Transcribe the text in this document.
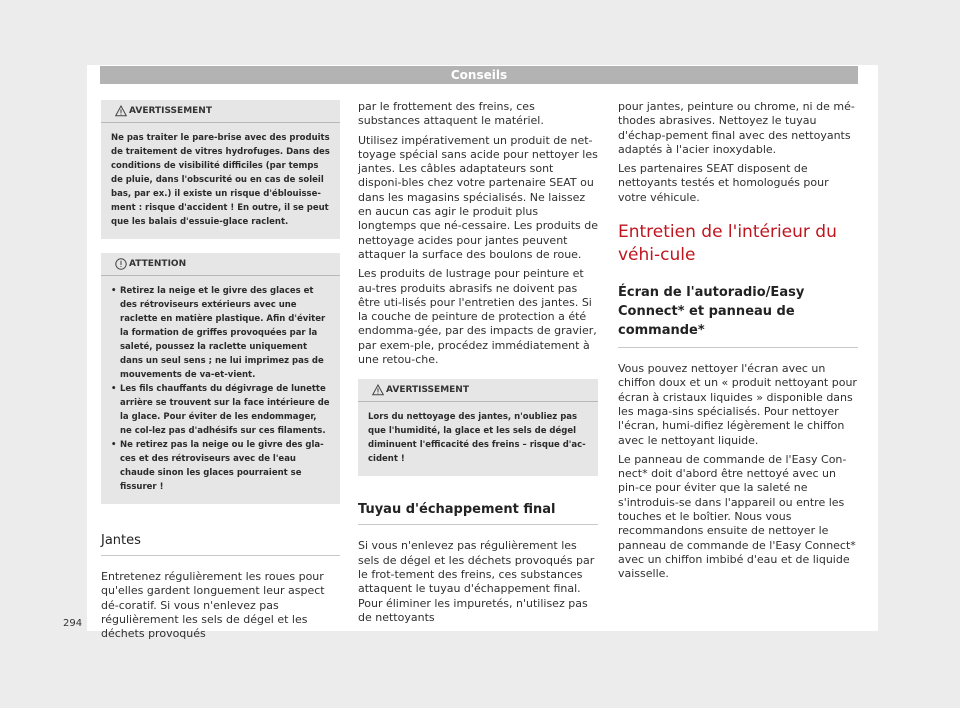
Conseils
AVERTISSEMENT
Ne pas traiter le pare-brise avec des produits de traitement de vitres hydrofuges. Dans des conditions de visibilité difficiles (par temps de pluie, dans l'obscurité ou en cas de soleil bas, par ex.) il existe un risque d'éblouisse-ment : risque d'accident ! En outre, il se peut que les balais d'essuie-glace raclent.
ATTENTION
• Retirez la neige et le givre des glaces et des rétroviseurs extérieurs avec une raclette en matière plastique. Afin d'éviter la formation de griffes provoquées par la saleté, poussez la raclette uniquement dans un seul sens ; ne lui imprimez pas de mouvements de va-et-vient.
• Les fils chauffants du dégivrage de lunette arrière se trouvent sur la face intérieure de la glace. Pour éviter de les endommager, ne col-lez pas d'adhésifs sur ces filaments.
• Ne retirez pas la neige ou le givre des gla-ces et des rétroviseurs avec de l'eau chaude sinon les glaces pourraient se fissurer !
Jantes

Entretenez régulièrement les roues pour qu'elles gardent longuement leur aspect dé-coratif. Si vous n'enlevez pas régulièrement les sels de dégel et les déchets provoqués

par le frottement des freins, ces substances attaquent le matériel.

Utilisez impérativement un produit de net-toyage spécial sans acide pour nettoyer les jantes. Les câbles adaptateurs sont disponi-bles chez votre partenaire SEAT ou dans les magasins spécialisés. Ne laissez en aucun cas agir le produit plus longtemps que né-cessaire. Les produits de nettoyage acides pour jantes peuvent attaquer la surface des boulons de roue.

Les produits de lustrage pour peinture et au-tres produits abrasifs ne doivent pas être uti-lisés pour l'entretien des jantes. Si la couche de peinture de protection a été endomma-gée, par des impacts de gravier, par exem-ple, procédez immédiatement à une retou-che.

AVERTISSEMENT
Lors du nettoyage des jantes, n'oubliez pas que l'humidité, la glace et les sels de dégel diminuent l'efficacité des freins – risque d'ac-cident !
Tuyau d'échappement final

Si vous n'enlevez pas régulièrement les sels de dégel et les déchets provoqués par le frot-tement des freins, ces substances attaquent le tuyau d'échappement final. Pour éliminer les impuretés, n'utilisez pas de nettoyants

pour jantes, peinture ou chrome, ni de mé-thodes abrasives. Nettoyez le tuyau d'échap-pement final avec des nettoyants adaptés à l'acier inoxydable.

Les partenaires SEAT disposent de nettoyants testés et homologués pour votre véhicule.

Entretien de l'intérieur du véhi-cule
Écran de l'autoradio/Easy Connect* et panneau de commande*

Vous pouvez nettoyer l'écran avec un chiffon doux et un « produit nettoyant pour écran à cristaux liquides » disponible dans les maga-sins spécialisés. Pour nettoyer l'écran, humi-difiez légèrement le chiffon avec le nettoyant liquide.

Le panneau de commande de l'Easy Con-nect* doit d'abord être nettoyé avec un pin-ce pour éviter que la saleté ne s'introduis-se dans l'appareil ou entre les touches et le boîtier. Nous vous recommandons ensuite de nettoyer le panneau de commande de l'Easy Connect* avec un chiffon imbibé d'eau et de liquide vaisselle.

294
